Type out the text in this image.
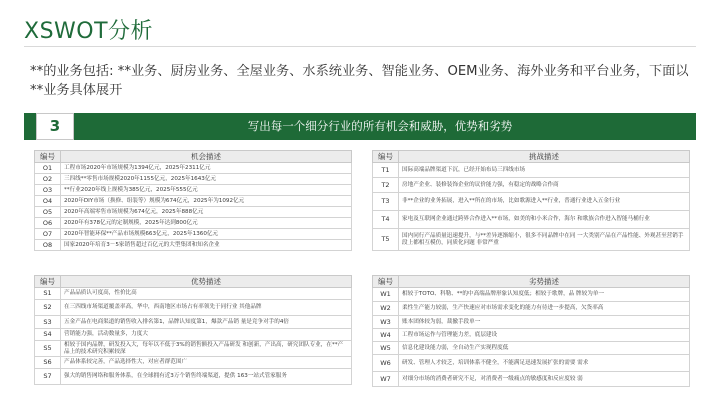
XSWOT分析
**的业务包括: **业务、厨房业务、全屋业务、水系统业务、智能业务、OEM业务、海外业务和平台业务，下面以**业务具体展开
3	写出每一个细分行业的所有机会和威胁，优势和劣势
编号	机会描述
O1	工程市场2020年市场规模为1394亿元，2025年2311亿元
O2	三四线**零售市场规模2020年1155亿元，2025年1643亿元
O3	**行业2020年线上规模为385亿元，2025年555亿元
O4	2020年DIY市场（换修、组装等）规模为674亿元，2025年为1092亿元
O5	2020年高端零售市场规模为674亿元，2025年888亿元
O6	2020年有378亿元的定制规模，2025年达到800亿元
O7	2020年智能环保**产品市场规模663亿元，2025年1360亿元
O8	国家2020年培育3－5家销售超过百亿元的大型集团和知名企业
编号	挑战描述
T1	国际高端品牌渠道下沉，已经开始布局三四线市场
T2	房地产企业、装修装饰企业的议价能力强，有稳定的战略合作商
T3	非**企业的业务拓展，进入**所在的市场，比如歌源进入**行业，普通行业进入五金行业
T4	家电及互联网企业通过跨界合作进入**市场，如美的和小米合作，海尔 和歌族合作进入智能马桶行业
T5	国内同行产品质量迅速提升，与**差异逐渐缩小，很多不同品牌中在同 一大类别产品在产品性能、外观甚至营销手段上都相互模仿，同质化问题 非常严重
编号	优势描述
S1	产品品质认可度高，性价比高
S2	在三四线市场渠道覆盖率高，华中，西南地区市场占有率领先于同行业 其他品牌
S3	五金产品在电商渠道的销售收入排名第1，品牌认知度第1，爆款产品销 量是竞争对手的4倍
S4	营销能力强，活动数量多，力度大
S5	相较于国内品牌，研发投入大，每年以不低于3%的销售额投入产品研发 和创新，产出高，研究团队专业，在**产品上的技术研究积累较深
S6	产品体系较完善，产品选择性大，对应者群范围广
S7	强大的销售网络和服务体系，在全球拥有近3万个销售终端渠道，提供 163一站式管家服务
编号	劣势描述
W1	相较于TOTO、科勒、**的中高端品牌形象认知度低；相较于歌牌，品 牌较为单一
W2	柔性生产能力较弱，生产快速应对市场需求变化的能力有待进一步提高，欠货率高
W3	账本团体较为弱，裁撤手段单一
W4	工程市场运作与管理能力差，底层建设
W5	信息化建设能力弱，全自动生产实现程度低
W6	研发、管理人才较乏，培训体系不健全，不能满足迅速发展扩张的需要 需求
W7	对细分市场的消费者研究不足，对消费者一级痛点的敏感度和反应度较 弱
